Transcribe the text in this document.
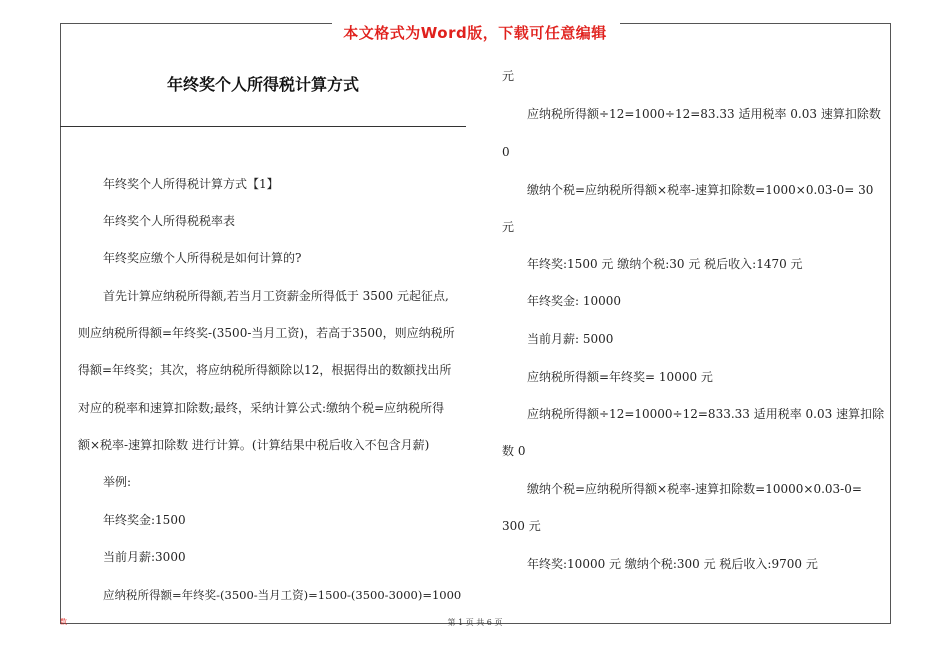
本文格式为Word版，下载可任意编辑
年终奖个人所得税计算方式
年终奖个人所得税计算方式【1】
年终奖个人所得税税率表
年终奖应缴个人所得税是如何计算的?
首先计算应纳税所得额,若当月工资薪金所得低于 3500 元起征点,
则应纳税所得额=年终奖-(3500-当月工资)，若高于3500，则应纳税所
得额=年终奖；其次，将应纳税所得额除以12，根据得出的数额找出所
对应的税率和速算扣除数;最终，采纳计算公式:缴纳个税=应纳税所得
额×税率-速算扣除数 进行计算。(计算结果中税后收入不包含月薪)
举例:
年终奖金:1500
当前月薪:3000
应纳税所得额=年终奖-(3500-当月工资)=1500-(3500-3000)=1000
元
应纳税所得额÷12=1000÷12=83.33 适用税率 0.03 速算扣除数
0
缴纳个税=应纳税所得额×税率-速算扣除数=1000×0.03-0= 30
元
年终奖:1500 元 缴纳个税:30 元 税后收入:1470 元
年终奖金: 10000
当前月薪: 5000
应纳税所得额=年终奖= 10000 元
应纳税所得额÷12=10000÷12=833.33 适用税率 0.03 速算扣除
数 0
缴纳个税=应纳税所得额×税率-速算扣除数=10000×0.03-0=
300 元
年终奖:10000 元 缴纳个税:300 元 税后收入:9700 元
数	第 1 页 共 6 页
